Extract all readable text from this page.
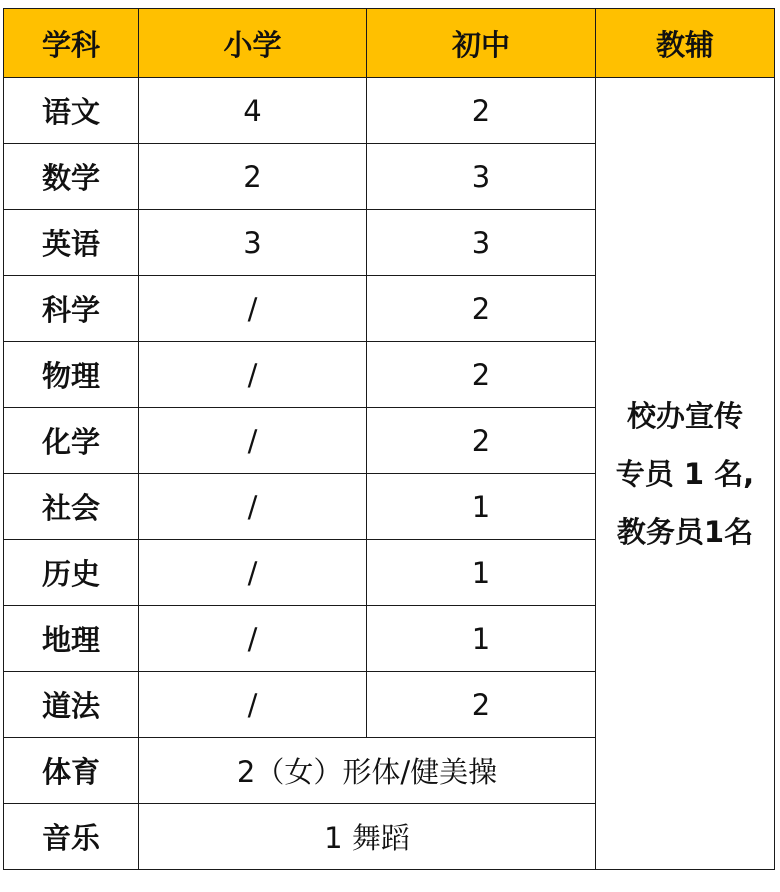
学科	小学	初中	教辅
语文	4	2	校办宣传
专员 1 名,
教务员1名

数学	2	3	
英语	3	3	
科学	/	2	
物理	/	2	
化学	/	2	
社会	/	1	
历史	/	1	
地理	/	1	
道法	/	2	
体育	2（女）形体/健美操		
音乐	1 舞蹈		
